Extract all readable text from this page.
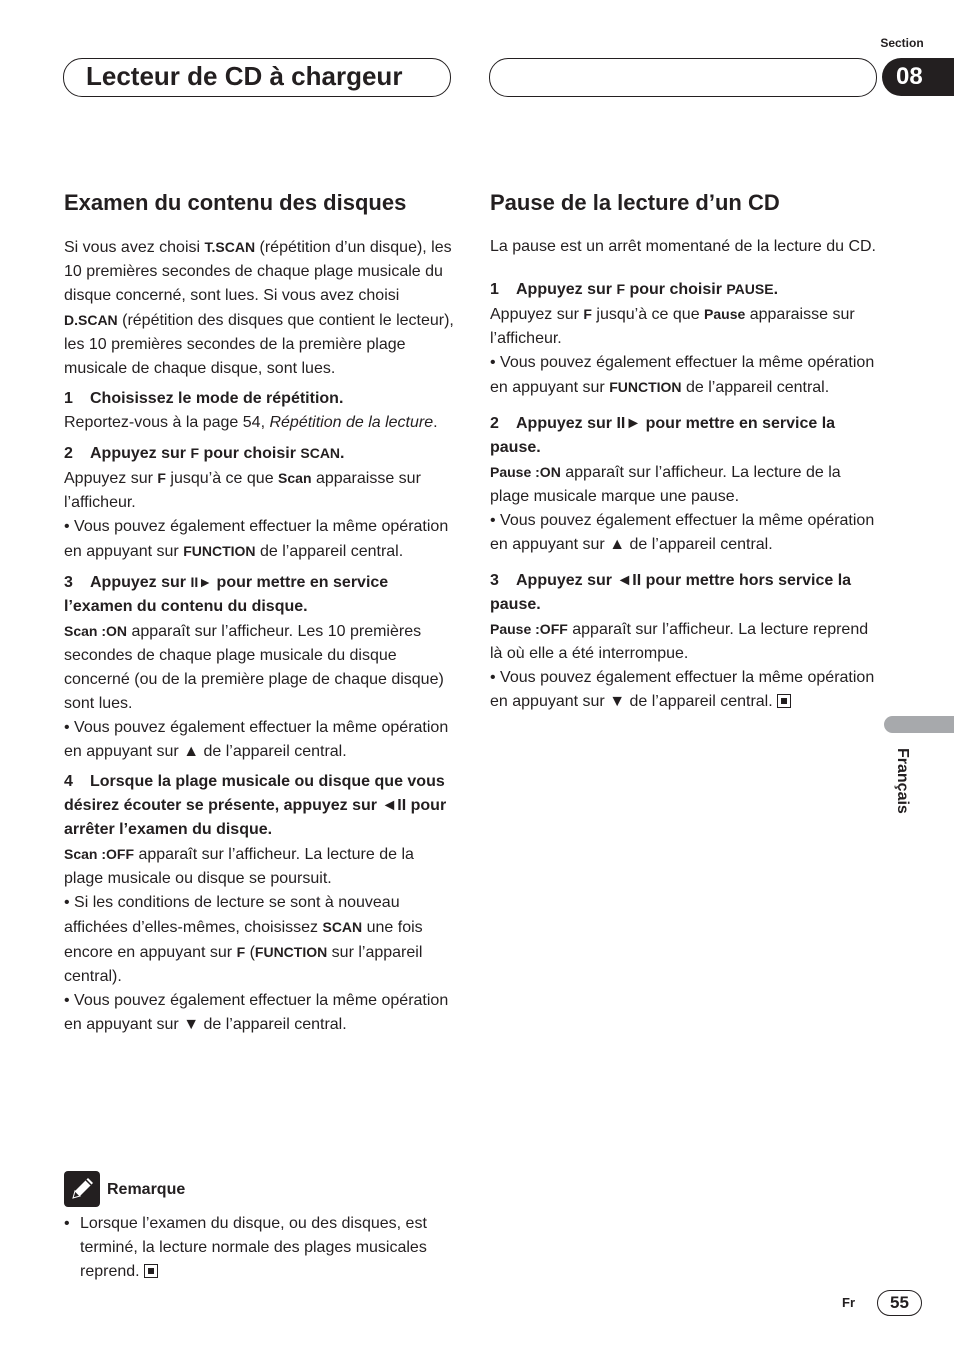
Lecteur de CD à chargeur
Section
08
Examen du contenu des disques

Si vous avez choisi T.SCAN (répétition d’un disque), les 10 premières secondes de chaque plage musicale du disque concerné, sont lues. Si vous avez choisi D.SCAN (répétition des disques que contient le lecteur), les 10 premières secondes de la première plage musicale de chaque disque, sont lues.

1 Choisissez le mode de répétition.

Reportez-vous à la page 54, Répétition de la lecture.

2 Appuyez sur F pour choisir SCAN.

Appuyez sur F jusqu’à ce que Scan apparaisse sur l’afficheur.

• Vous pouvez également effectuer la même opération en appuyant sur FUNCTION de l’appareil central.

3 Appuyez sur II► pour mettre en service l’examen du contenu du disque.

Scan :ON apparaît sur l’afficheur. Les 10 premières secondes de chaque plage musicale du disque concerné (ou de la première plage de chaque disque) sont lues.

• Vous pouvez également effectuer la même opération en appuyant sur ▲ de l’appareil central.

4 Lorsque la plage musicale ou disque que vous désirez écouter se présente, appuyez sur ◄II pour arrêter l’examen du disque.

Scan :OFF apparaît sur l’afficheur. La lecture de la plage musicale ou disque se poursuit.

• Si les conditions de lecture se sont à nouveau affichées d’elles-mêmes, choisissez SCAN une fois encore en appuyant sur F (FUNCTION sur l’appareil central).

• Vous pouvez également effectuer la même opération en appuyant sur ▼ de l’appareil central.

Remarque
• Lorsque l’examen du disque, ou des disques, est terminé, la lecture normale des plages musicales reprend.
Pause de la lecture d’un CD

La pause est un arrêt momentané de la lecture du CD.

1 Appuyez sur F pour choisir PAUSE.

Appuyez sur F jusqu’à ce que Pause apparaisse sur l’afficheur.

• Vous pouvez également effectuer la même opération en appuyant sur FUNCTION de l’appareil central.

2 Appuyez sur II► pour mettre en service la pause.

Pause :ON apparaît sur l’afficheur. La lecture de la plage musicale marque une pause.

• Vous pouvez également effectuer la même opération en appuyant sur ▲ de l’appareil central.

3 Appuyez sur ◄II pour mettre hors service la pause.

Pause :OFF apparaît sur l’afficheur. La lecture reprend là où elle a été interrompue.

• Vous pouvez également effectuer la même opération en appuyant sur ▼ de l’appareil central.

Français
Fr	55
